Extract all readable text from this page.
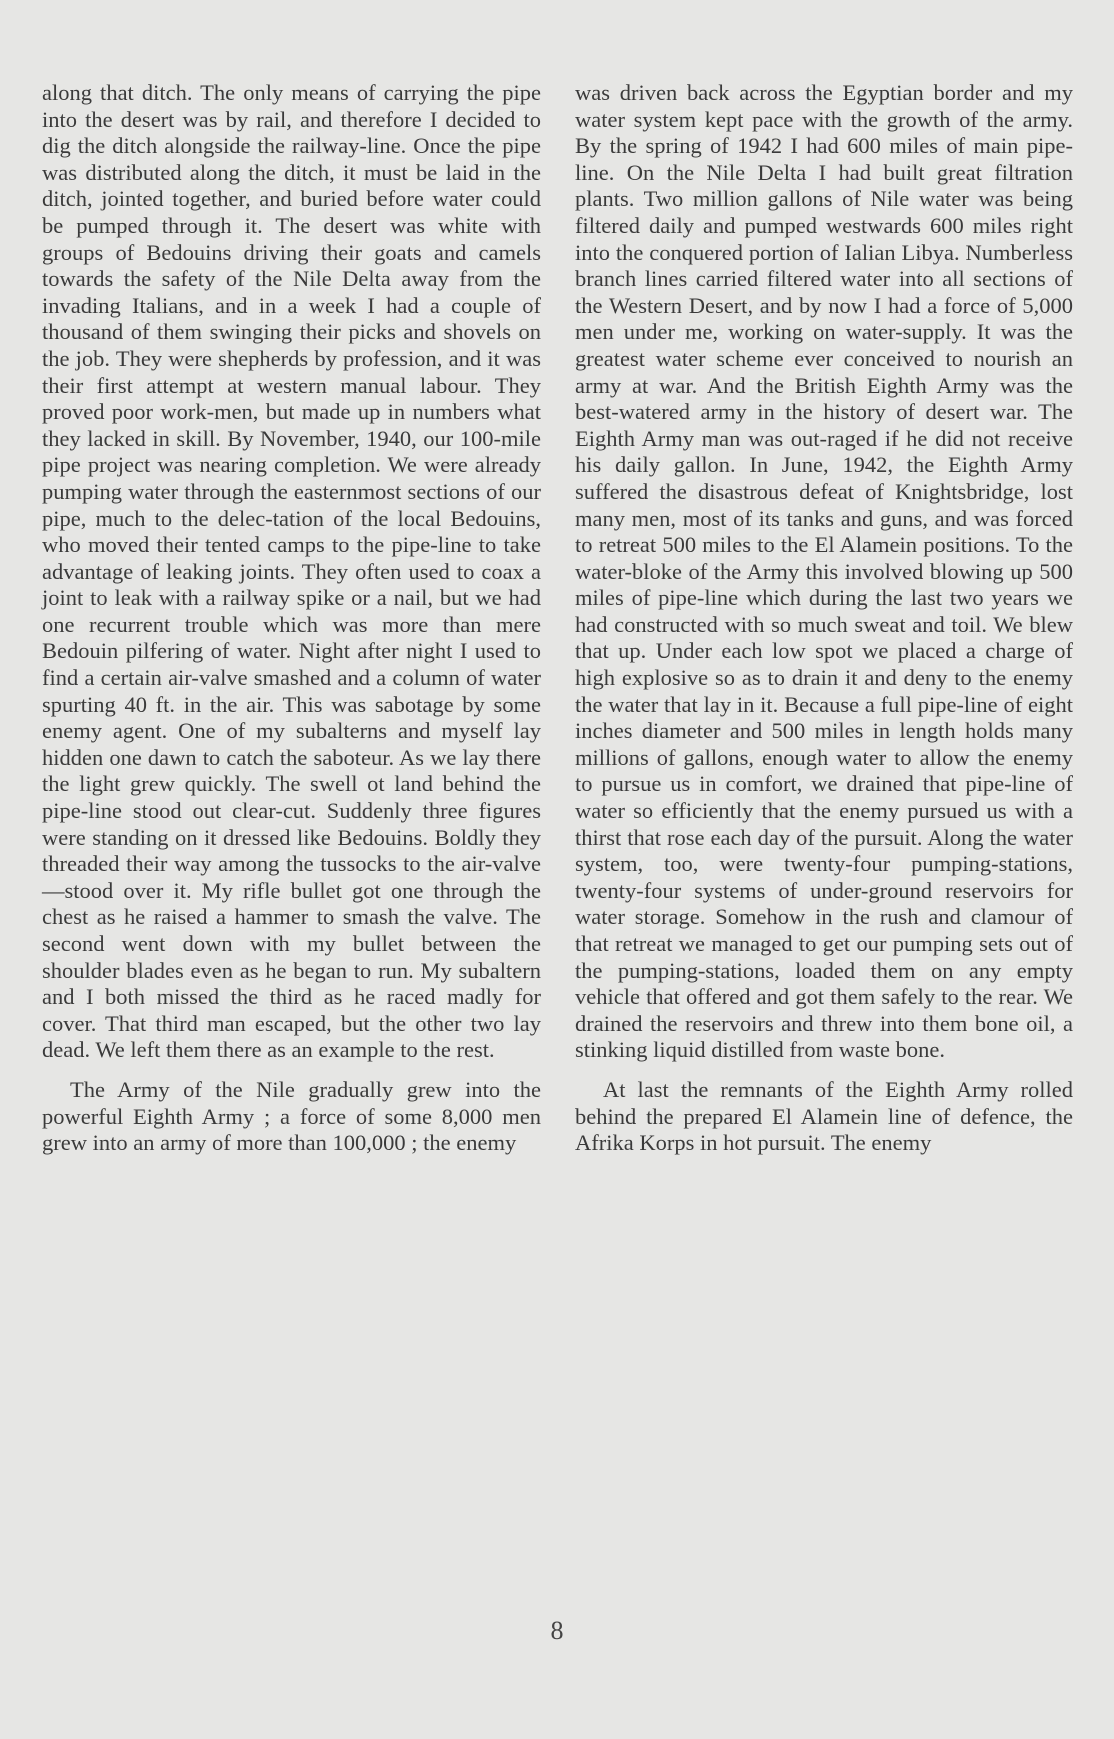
along that ditch. The only means of carrying the pipe into the desert was by rail, and therefore I decided to dig the ditch alongside the railway-line. Once the pipe was distributed along the ditch, it must be laid in the ditch, jointed together, and buried before water could be pumped through it. The desert was white with groups of Bedouins driving their goats and camels towards the safety of the Nile Delta away from the invading Italians, and in a week I had a couple of thousand of them swinging their picks and shovels on the job. They were shepherds by profession, and it was their first attempt at western manual labour. They proved poor work-men, but made up in numbers what they lacked in skill. By November, 1940, our 100-mile pipe project was nearing completion. We were already pumping water through the easternmost sections of our pipe, much to the delec-tation of the local Bedouins, who moved their tented camps to the pipe-line to take advantage of leaking joints. They often used to coax a joint to leak with a railway spike or a nail, but we had one recurrent trouble which was more than mere Bedouin pilfering of water. Night after night I used to find a certain air-valve smashed and a column of water spurting 40 ft. in the air. This was sabotage by some enemy agent. One of my subalterns and myself lay hidden one dawn to catch the saboteur. As we lay there the light grew quickly. The swell ot land behind the pipe-line stood out clear-cut. Suddenly three figures were standing on it dressed like Bedouins. Boldly they threaded their way among the tussocks to the air-valve—stood over it. My rifle bullet got one through the chest as he raised a hammer to smash the valve. The second went down with my bullet between the shoulder blades even as he began to run. My subaltern and I both missed the third as he raced madly for cover. That third man escaped, but the other two lay dead. We left them there as an example to the rest.

The Army of the Nile gradually grew into the powerful Eighth Army ; a force of some 8,000 men grew into an army of more than 100,000 ; the enemy

was driven back across the Egyptian border and my water system kept pace with the growth of the army. By the spring of 1942 I had 600 miles of main pipe-line. On the Nile Delta I had built great filtration plants. Two million gallons of Nile water was being filtered daily and pumped westwards 600 miles right into the conquered portion of Ialian Libya. Numberless branch lines carried filtered water into all sections of the Western Desert, and by now I had a force of 5,000 men under me, working on water-supply. It was the greatest water scheme ever conceived to nourish an army at war. And the British Eighth Army was the best-watered army in the history of desert war. The Eighth Army man was out-raged if he did not receive his daily gallon. In June, 1942, the Eighth Army suffered the disastrous defeat of Knightsbridge, lost many men, most of its tanks and guns, and was forced to retreat 500 miles to the El Alamein positions. To the water-bloke of the Army this involved blowing up 500 miles of pipe-line which during the last two years we had constructed with so much sweat and toil. We blew that up. Under each low spot we placed a charge of high explosive so as to drain it and deny to the enemy the water that lay in it. Because a full pipe-line of eight inches diameter and 500 miles in length holds many millions of gallons, enough water to allow the enemy to pursue us in comfort, we drained that pipe-line of water so efficiently that the enemy pursued us with a thirst that rose each day of the pursuit. Along the water system, too, were twenty-four pumping-stations, twenty-four systems of under-ground reservoirs for water storage. Somehow in the rush and clamour of that retreat we managed to get our pumping sets out of the pumping-stations, loaded them on any empty vehicle that offered and got them safely to the rear. We drained the reservoirs and threw into them bone oil, a stinking liquid distilled from waste bone.

At last the remnants of the Eighth Army rolled behind the prepared El Alamein line of defence, the Afrika Korps in hot pursuit. The enemy

8
